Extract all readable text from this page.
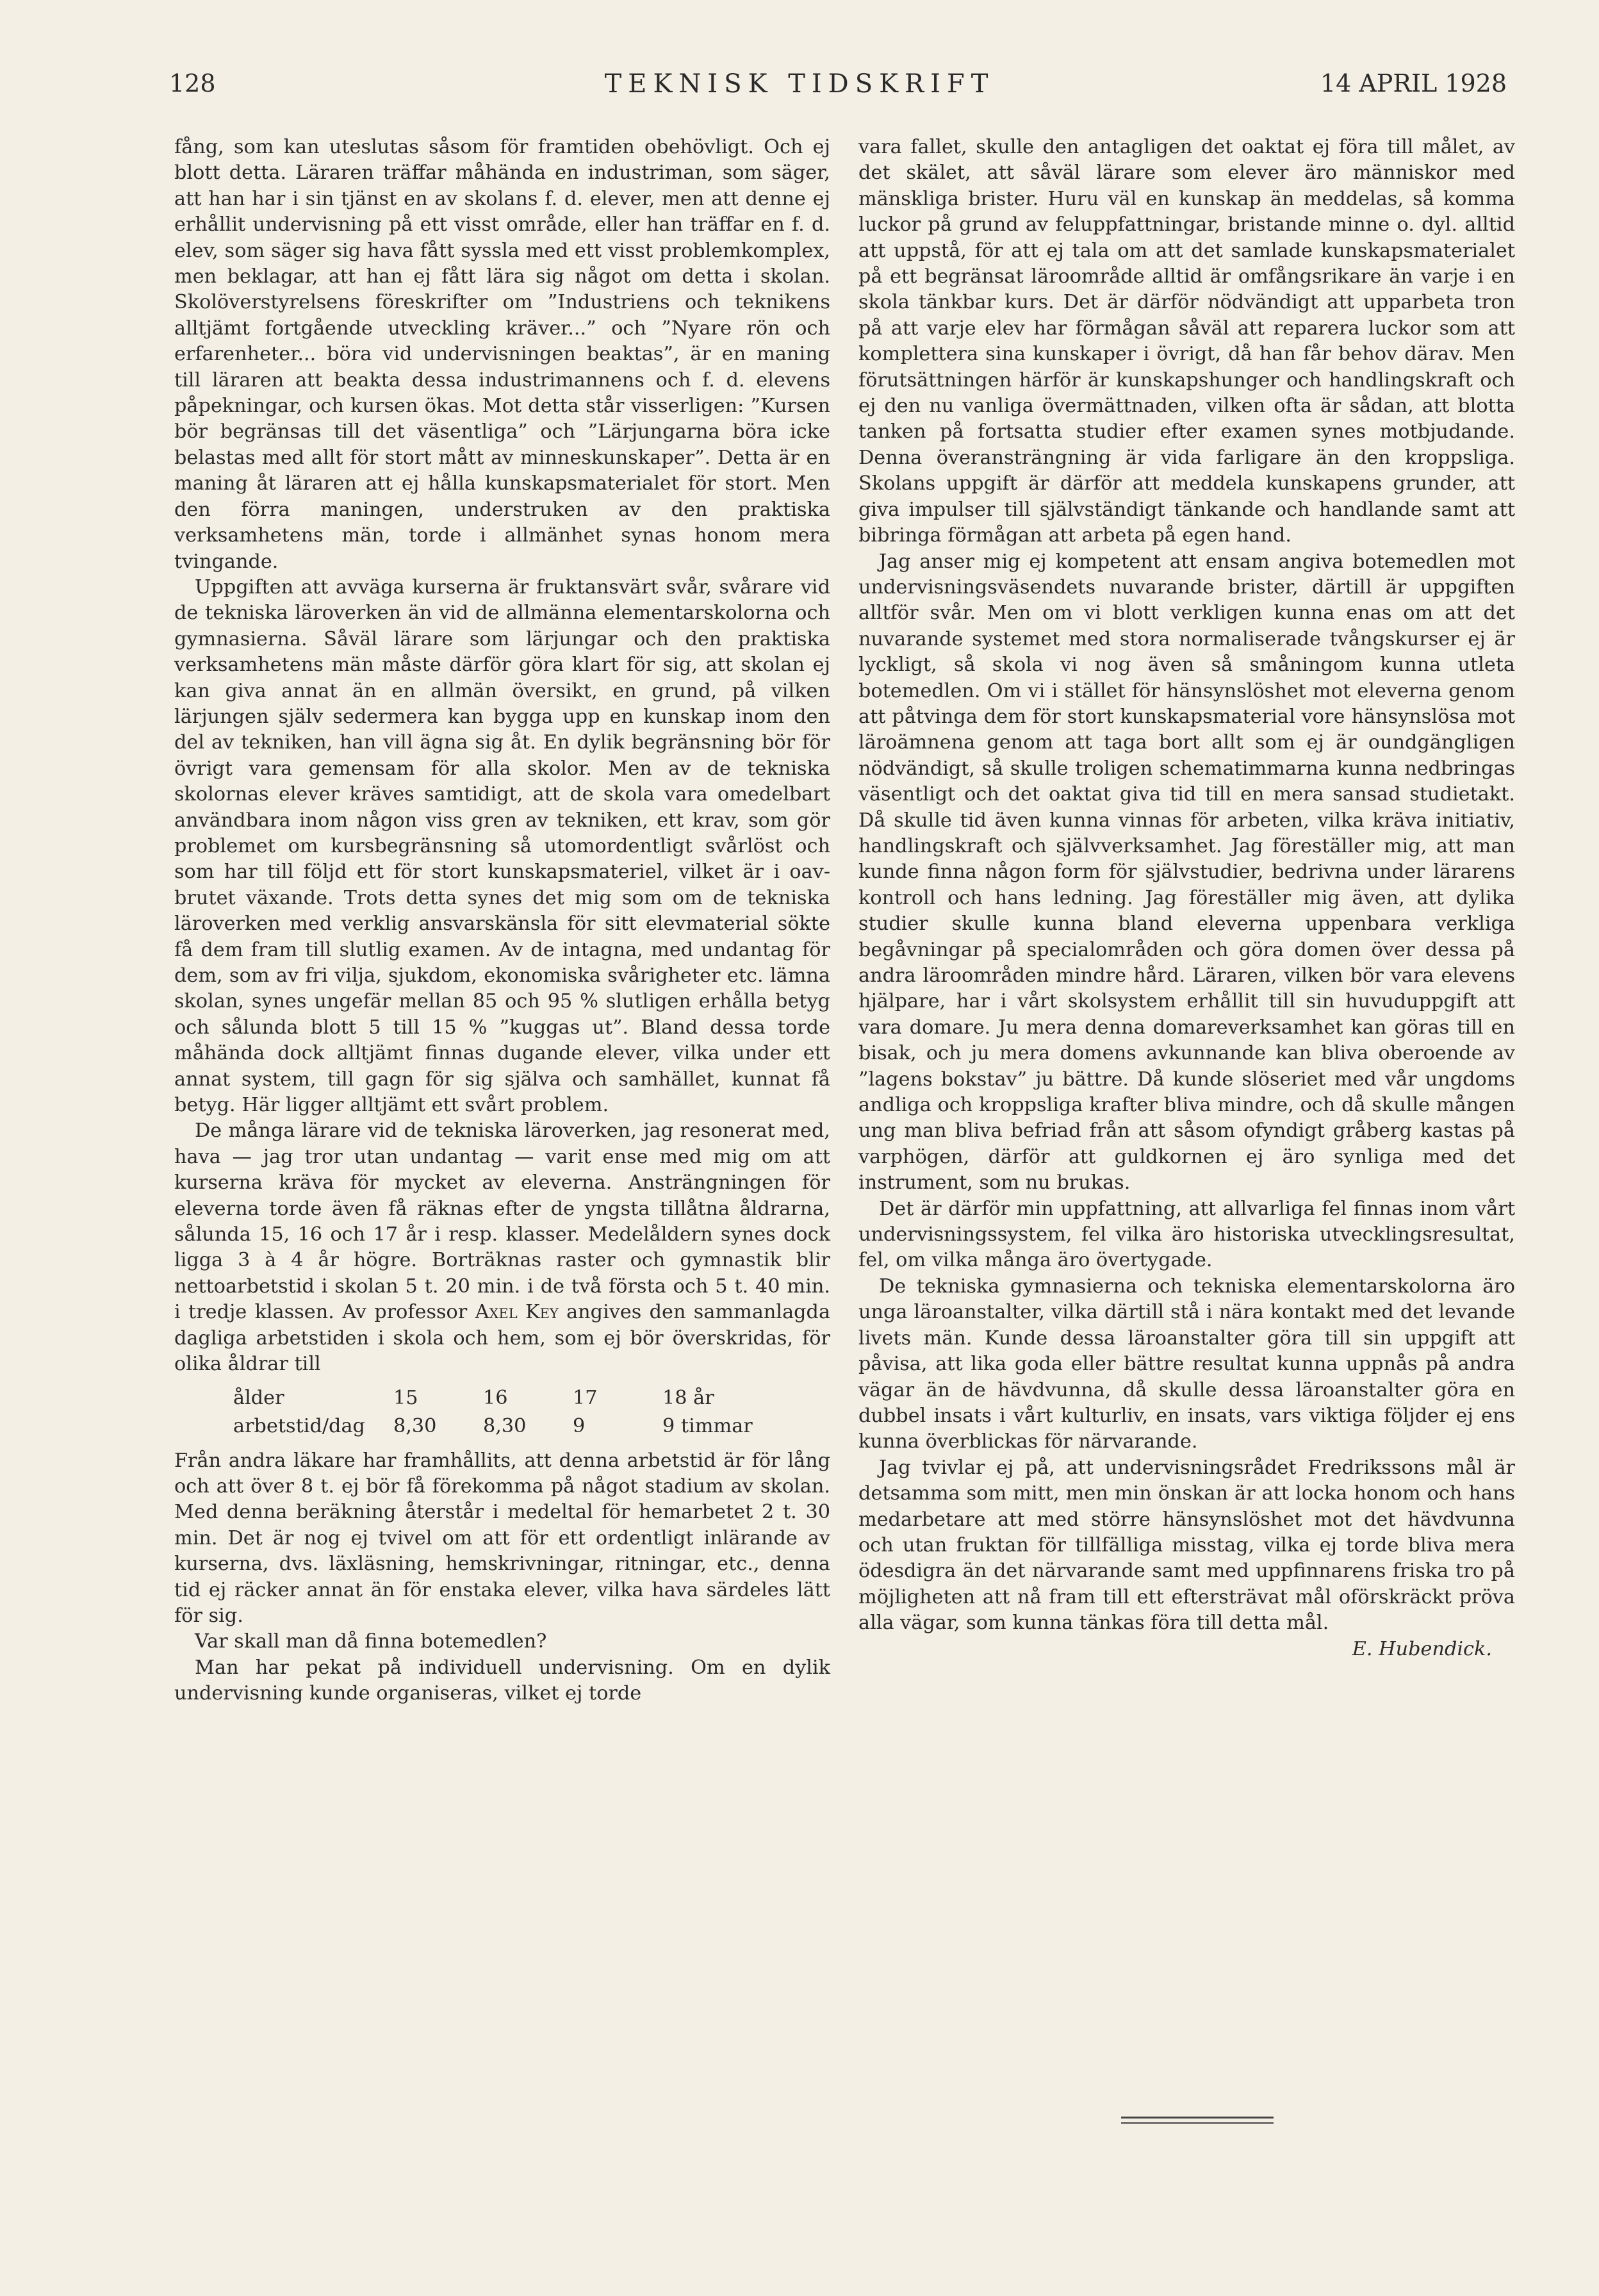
128	TEKNISK TIDSKRIFT	14 APRIL 1928

fång, som kan uteslutas såsom för framtiden obehövligt. Och ej blott detta. Läraren träffar måhända en industriman, som säger, att han har i sin tjänst en av skolans f. d. elever, men att denne ej erhållit undervisning på ett visst område, eller han träffar en f. d. elev, som säger sig hava fått syssla med ett visst problemkomplex, men beklagar, att han ej fått lära sig något om detta i skolan. Skolöverstyrelsens föreskrifter om ”Industriens och teknikens alltjämt fortgående utveckling kräver...” och ”Nyare rön och erfarenheter... böra vid undervisningen beaktas”, är en maning till läraren att beakta dessa industrimannens och f. d. elevens påpekningar, och kursen ökas. Mot detta står visserligen: ”Kursen bör begränsas till det väsentliga” och ”Lärjungarna böra icke belastas med allt för stort mått av minneskunskaper”. Detta är en maning åt läraren att ej hålla kunskapsmaterialet för stort. Men den förra maningen, understruken av den praktiska verksamhetens män, torde i allmänhet synas honom mera tvingande.

Uppgiften att avväga kurserna är fruktansvärt svår, svårare vid de tekniska läroverken än vid de allmänna elementarskolorna och gymnasierna. Såväl lärare som lärjungar och den praktiska verksamhetens män måste därför göra klart för sig, att skolan ej kan giva annat än en allmän översikt, en grund, på vilken lärjungen själv sedermera kan bygga upp en kunskap inom den del av tekniken, han vill ägna sig åt. En dylik begränsning bör för övrigt vara gemensam för alla skolor. Men av de tekniska skolornas elever kräves samtidigt, att de skola vara omedelbart användbara inom någon viss gren av tekniken, ett krav, som gör problemet om kursbegränsning så utomordentligt svårlöst och som har till följd ett för stort kunskapsmateriel, vilket är i oavbrutet växande. Trots detta synes det mig som om de tekniska läroverken med verklig ansvarskänsla för sitt elevmaterial sökte få dem fram till slutlig examen. Av de intagna, med undantag för dem, som av fri vilja, sjukdom, ekonomiska svårigheter etc. lämna skolan, synes ungefär mellan 85 och 95 % slutligen erhålla betyg och sålunda blott 5 till 15 % ”kuggas ut”. Bland dessa torde måhända dock alltjämt finnas dugande elever, vilka under ett annat system, till gagn för sig själva och samhället, kunnat få betyg. Här ligger alltjämt ett svårt problem.

De många lärare vid de tekniska läroverken, jag resonerat med, hava — jag tror utan undantag — varit ense med mig om att kurserna kräva för mycket av eleverna. Ansträngningen för eleverna torde även få räknas efter de yngsta tillåtna åldrarna, sålunda 15, 16 och 17 år i resp. klasser. Medelåldern synes dock ligga 3 à 4 år högre. Borträknas raster och gymnastik blir nettoarbetstid i skolan 5 t. 20 min. i de två första och 5 t. 40 min. i tredje klassen. Av professor Axel Key angives den sammanlagda dagliga arbetstiden i skola och hem, som ej bör överskridas, för olika åldrar till

ålder	15	16	17	18 år
arbetstid/dag	8,30	8,30	9	9 timmar

Från andra läkare har framhållits, att denna arbetstid är för lång och att över 8 t. ej bör få förekomma på något stadium av skolan. Med denna beräkning återstår i medeltal för hemarbetet 2 t. 30 min. Det är nog ej tvivel om att för ett ordentligt inlärande av kurserna, dvs. läxläsning, hemskrivningar, ritningar, etc., denna tid ej räcker annat än för enstaka elever, vilka hava särdeles lätt för sig.

Var skall man då finna botemedlen?

Man har pekat på individuell undervisning. Om en dylik undervisning kunde organiseras, vilket ej torde

vara fallet, skulle den antagligen det oaktat ej föra till målet, av det skälet, att såväl lärare som elever äro människor med mänskliga brister. Huru väl en kunskap än meddelas, så komma luckor på grund av feluppfattningar, bristande minne o. dyl. alltid att uppstå, för att ej tala om att det samlade kunskapsmaterialet på ett begränsat läroområde alltid är omfångsrikare än varje i en skola tänkbar kurs. Det är därför nödvändigt att upparbeta tron på att varje elev har förmågan såväl att reparera luckor som att komplettera sina kunskaper i övrigt, då han får behov därav. Men förutsättningen härför är kunskapshunger och handlingskraft och ej den nu vanliga övermättnaden, vilken ofta är sådan, att blotta tanken på fortsatta studier efter examen synes motbjudande. Denna överansträngning är vida farligare än den kroppsliga. Skolans uppgift är därför att meddela kunskapens grunder, att giva impulser till självständigt tänkande och handlande samt att bibringa förmågan att arbeta på egen hand.

Jag anser mig ej kompetent att ensam angiva botemedlen mot undervisningsväsendets nuvarande brister, därtill är uppgiften alltför svår. Men om vi blott verkligen kunna enas om att det nuvarande systemet med stora normaliserade tvångskurser ej är lyckligt, så skola vi nog även så småningom kunna utleta botemedlen. Om vi i stället för hänsynslöshet mot eleverna genom att påtvinga dem för stort kunskapsmaterial vore hänsynslösa mot läroämnena genom att taga bort allt som ej är oundgängligen nödvändigt, så skulle troligen schematimmarna kunna nedbringas väsentligt och det oaktat giva tid till en mera sansad studietakt. Då skulle tid även kunna vinnas för arbeten, vilka kräva initiativ, handlingskraft och självverksamhet. Jag föreställer mig, att man kunde finna någon form för självstudier, bedrivna under lärarens kontroll och hans ledning. Jag föreställer mig även, att dylika studier skulle kunna bland eleverna uppenbara verkliga begåvningar på specialområden och göra domen över dessa på andra läroområden mindre hård. Läraren, vilken bör vara elevens hjälpare, har i vårt skolsystem erhållit till sin huvuduppgift att vara domare. Ju mera denna domareverksamhet kan göras till en bisak, och ju mera domens avkunnande kan bliva oberoende av ”lagens bokstav” ju bättre. Då kunde slöseriet med vår ungdoms andliga och kroppsliga krafter bliva mindre, och då skulle mången ung man bliva befriad från att såsom ofyndigt gråberg kastas på varphögen, därför att guldkornen ej äro synliga med det instrument, som nu brukas.

Det är därför min uppfattning, att allvarliga fel finnas inom vårt undervisningssystem, fel vilka äro historiska utvecklingsresultat, fel, om vilka många äro övertygade.

De tekniska gymnasierna och tekniska elementarskolorna äro unga läroanstalter, vilka därtill stå i nära kontakt med det levande livets män. Kunde dessa läroanstalter göra till sin uppgift att påvisa, att lika goda eller bättre resultat kunna uppnås på andra vägar än de hävdvunna, då skulle dessa läroanstalter göra en dubbel insats i vårt kulturliv, en insats, vars viktiga följder ej ens kunna överblickas för närvarande.

Jag tvivlar ej på, att undervisningsrådet Fredrikssons mål är detsamma som mitt, men min önskan är att locka honom och hans medarbetare att med större hänsynslöshet mot det hävdvunna och utan fruktan för tillfälliga misstag, vilka ej torde bliva mera ödesdigra än det närvarande samt med uppfinnarens friska tro på möjligheten att nå fram till ett eftersträvat mål oförskräckt pröva alla vägar, som kunna tänkas föra till detta mål.

E. Hubendick.
